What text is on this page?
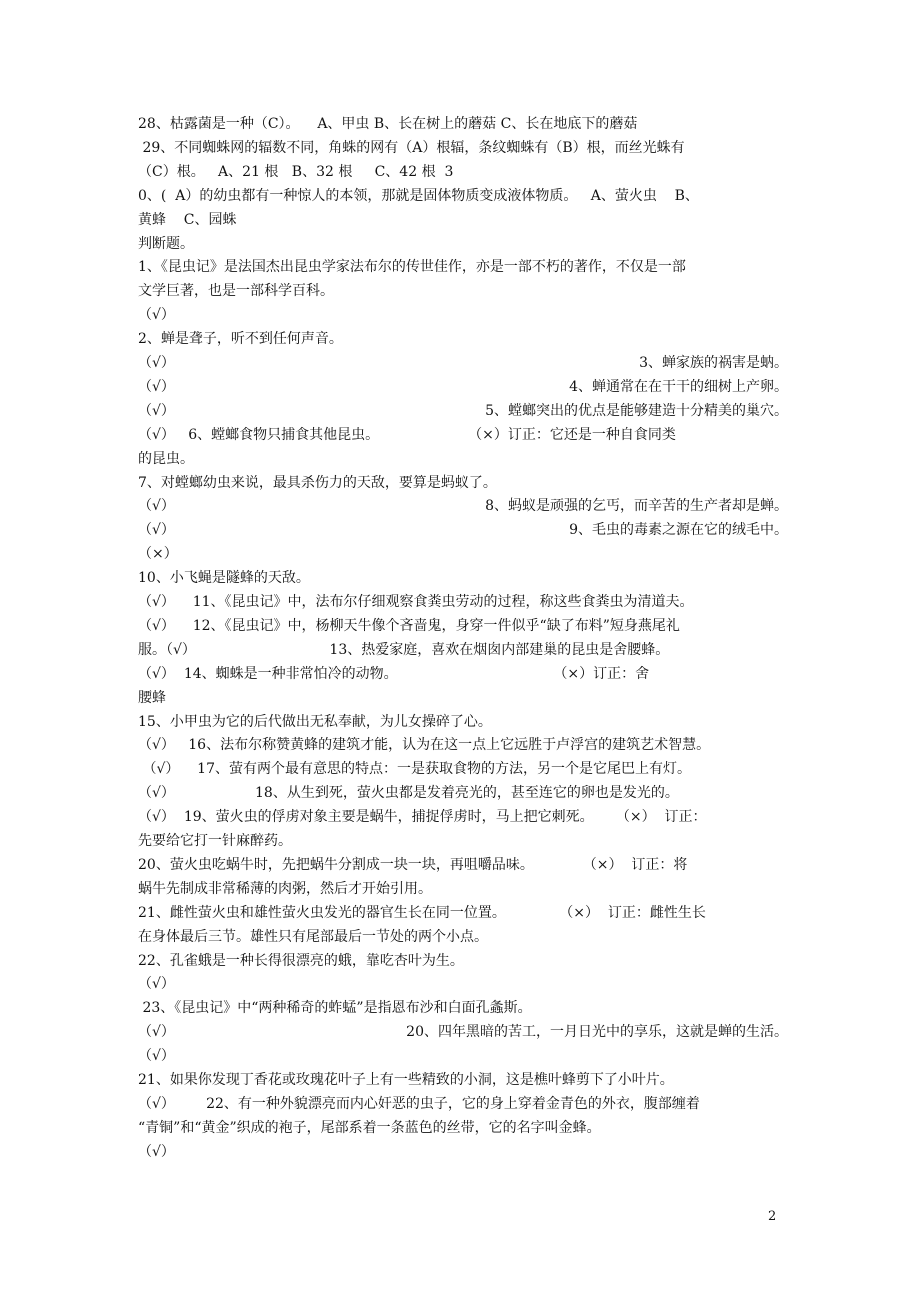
28、枯露菌是一种（C）。    A、甲虫 B、长在树上的蘑菇 C、长在地底下的蘑菇
29、不同蜘蛛网的辐数不同，角蛛的网有（A）根辐，条纹蜘蛛有（B）根，而丝光蛛有
（C）根。   A、21 根   B、32 根     C、42 根  3
0、(  A）的幼虫都有一种惊人的本领，那就是固体物质变成液体物质。   A、萤火虫    B、
黄蜂    C、园蛛
判断题。
1、《昆虫记》是法国杰出昆虫学家法布尔的传世佳作，亦是一部不朽的著作，不仅是一部
文学巨著，也是一部科学百科。
（√）
2、蝉是聋子，听不到任何声音。
（√）	3、蝉家族的祸害是蚋。
（√）	4、蝉通常在在干干的细树上产卵。
（√）	5、螳螂突出的优点是能够建造十分精美的巢穴。
（√）   6、螳螂食物只捕食其他昆虫。                    （×）订正：它还是一种自食同类
的昆虫。
7、对螳螂幼虫来说，最具杀伤力的天敌，要算是蚂蚁了。
（√）	8、蚂蚁是顽强的乞丐，而辛苦的生产者却是蝉。
（√）	9、毛虫的毒素之源在它的绒毛中。
（×）
10、小飞蝇是隧蜂的天敌。
（√）    11、《昆虫记》中，法布尔仔细观察食粪虫劳动的过程，称这些食粪虫为清道夫。
（√）    12、《昆虫记》中，杨柳天牛像个吝啬鬼，身穿一件似乎“缺了布料”短身燕尾礼
服。（√）                              13、热爱家庭，喜欢在烟囱内部建巢的昆虫是舍腰蜂。
（√）  14、蜘蛛是一种非常怕冷的动物。                                   （×）订正：舍
腰蜂
15、小甲虫为它的后代做出无私奉献，为儿女操碎了心。
（√）   16、法布尔称赞黄蜂的建筑才能，认为在这一点上它远胜于卢浮宫的建筑艺术智慧。
（√）    17、萤有两个最有意思的特点：一是获取食物的方法，另一个是它尾巴上有灯。
（√）                  18、从生到死，萤火虫都是发着亮光的，甚至连它的卵也是发光的。
（√）  19、萤火虫的俘虏对象主要是蜗牛，捕捉俘虏时，马上把它刺死。     （×）  订正：
先要给它打一针麻醉药。
20、萤火虫吃蜗牛时，先把蜗牛分割成一块一块，再咀嚼品味。           （×）  订正：将
蜗牛先制成非常稀薄的肉粥，然后才开始引用。
21、雌性萤火虫和雄性萤火虫发光的器官生长在同一位置。            （×）  订正：雌性生长
在身体最后三节。雄性只有尾部最后一节处的两个小点。
22、孔雀蛾是一种长得很漂亮的蛾，靠吃杏叶为生。
（√）
23、《昆虫记》中“两种稀奇的蚱蜢”是指恩布沙和白面孔螽斯。
（√）	20、四年黑暗的苦工，一月日光中的享乐，这就是蝉的生活。
（√）
21、如果你发现丁香花或玫瑰花叶子上有一些精致的小洞，这是樵叶蜂剪下了小叶片。
（√）       22、有一种外貌漂亮而内心奸恶的虫子，它的身上穿着金青色的外衣，腹部缠着
“青铜”和“黄金”织成的袍子，尾部系着一条蓝色的丝带，它的名字叫金蜂。
（√）
2
